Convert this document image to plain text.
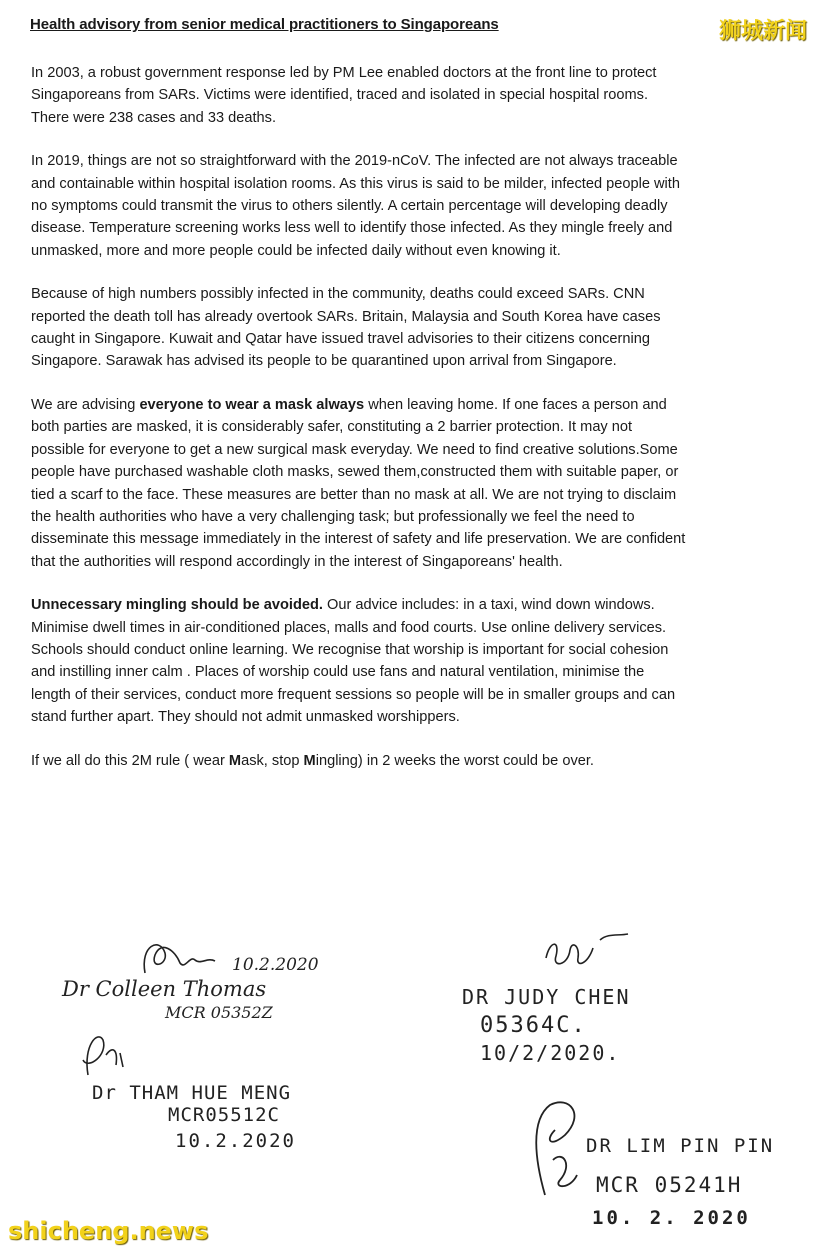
Health advisory from senior medical practitioners to Singaporeans	狮城新闻

In 2003, a robust government response led by PM Lee enabled doctors at the front line to protect Singaporeans from SARs. Victims were identified, traced and isolated in special hospital rooms. There were 238 cases and 33 deaths.

In 2019, things are not so straightforward with the 2019-nCoV. The infected are not always traceable and containable within hospital isolation rooms. As this virus is said to be milder, infected people with no symptoms could transmit the virus to others silently. A certain percentage will developing deadly disease. Temperature screening works less well to identify those infected. As they mingle freely and unmasked, more and more people could be infected daily without even knowing it.

Because of high numbers possibly infected in the community, deaths could exceed SARs. CNN reported the death toll has already overtook SARs. Britain, Malaysia and South Korea have cases caught in Singapore. Kuwait and Qatar have issued travel advisories to their citizens concerning Singapore. Sarawak has advised its people to be quarantined upon arrival from Singapore.

We are advising everyone to wear a mask always when leaving home. If one faces a person and both parties are masked, it is considerably safer, constituting a 2 barrier protection. It may not possible for everyone to get a new surgical mask everyday. We need to find creative solutions.Some people have purchased washable cloth masks, sewed them,constructed them with suitable paper, or tied a scarf to the face. These measures are better than no mask at all. We are not trying to disclaim the health authorities who have a very challenging task; but professionally we feel the need to disseminate this message immediately in the interest of safety and life preservation. We are confident that the authorities will respond accordingly in the interest of Singaporeans' health.

Unnecessary mingling should be avoided. Our advice includes: in a taxi, wind down windows. Minimise dwell times in air-conditioned places, malls and food courts. Use online delivery services. Schools should conduct online learning. We recognise that worship is important for social cohesion and instilling inner calm . Places of worship could use fans and natural ventilation, minimise the length of their services, conduct more frequent sessions so people will be in smaller groups and can stand further apart. They should not admit unmasked worshippers.

If we all do this 2M rule ( wear Mask, stop Mingling) in 2 weeks the worst could be over.

10.2.2020
Dr Colleen Thomas
MCR 05352Z
DR JUDY CHEN
05364C.
10/2/2020.
Dr THAM HUE MENG
MCR05512C
10.2.2020	DR LIM PIN PIN
MCR 05241H
10. 2. 2020
shicheng.news
